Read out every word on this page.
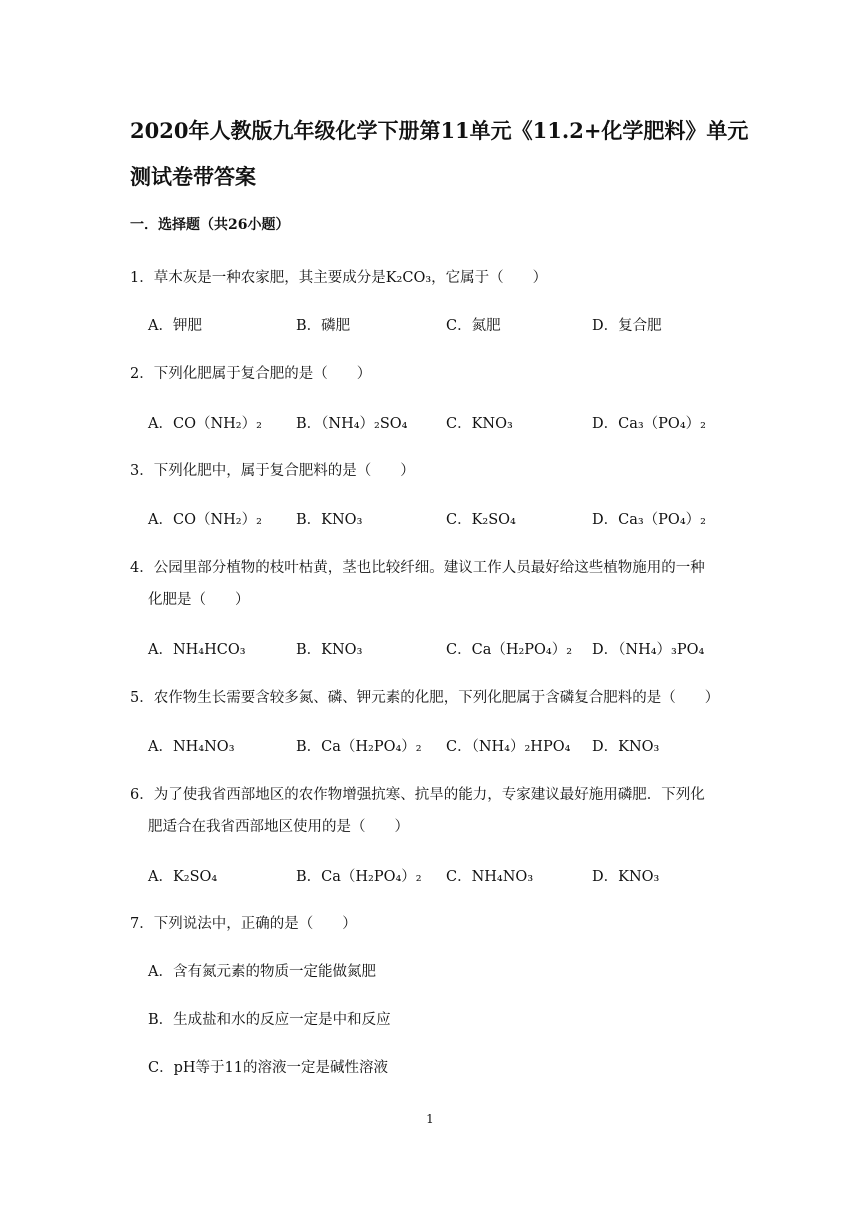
2020年人教版九年级化学下册第11单元《11.2+化学肥料》单元测试卷带答案
一．选择题（共26小题）
1．草木灰是一种农家肥，其主要成分是K₂CO₃，它属于（　　）
A．钾肥	B．磷肥	C．氮肥	D．复合肥
2．下列化肥属于复合肥的是（　　）
A．CO（NH₂）₂ B．（NH₄）₂SO₄	C．KNO₃	D．Ca₃（PO₄）₂
3．下列化肥中，属于复合肥料的是（　　）
A．CO（NH₂）₂ B．KNO₃	C．K₂SO₄	D．Ca₃（PO₄）₂
4．公园里部分植物的枝叶枯黄，茎也比较纤细。建议工作人员最好给这些植物施用的一种
化肥是（　　）
A．NH₄HCO₃	B．KNO₃	C．Ca（H₂PO₄）₂ D．（NH₄）₃PO₄
5．农作物生长需要含较多氮、磷、钾元素的化肥，下列化肥属于含磷复合肥料的是（　　）
A．NH₄NO₃	B．Ca（H₂PO₄）₂ C．（NH₄）₂HPO₄ D．KNO₃
6．为了使我省西部地区的农作物增强抗寒、抗旱的能力，专家建议最好施用磷肥．下列化
肥适合在我省西部地区使用的是（　　）
A．K₂SO₄	B．Ca（H₂PO₄）₂ C．NH₄NO₃	D．KNO₃
7．下列说法中，正确的是（　　）
A．含有氮元素的物质一定能做氮肥
B．生成盐和水的反应一定是中和反应
C．pH等于11的溶液一定是碱性溶液
1
